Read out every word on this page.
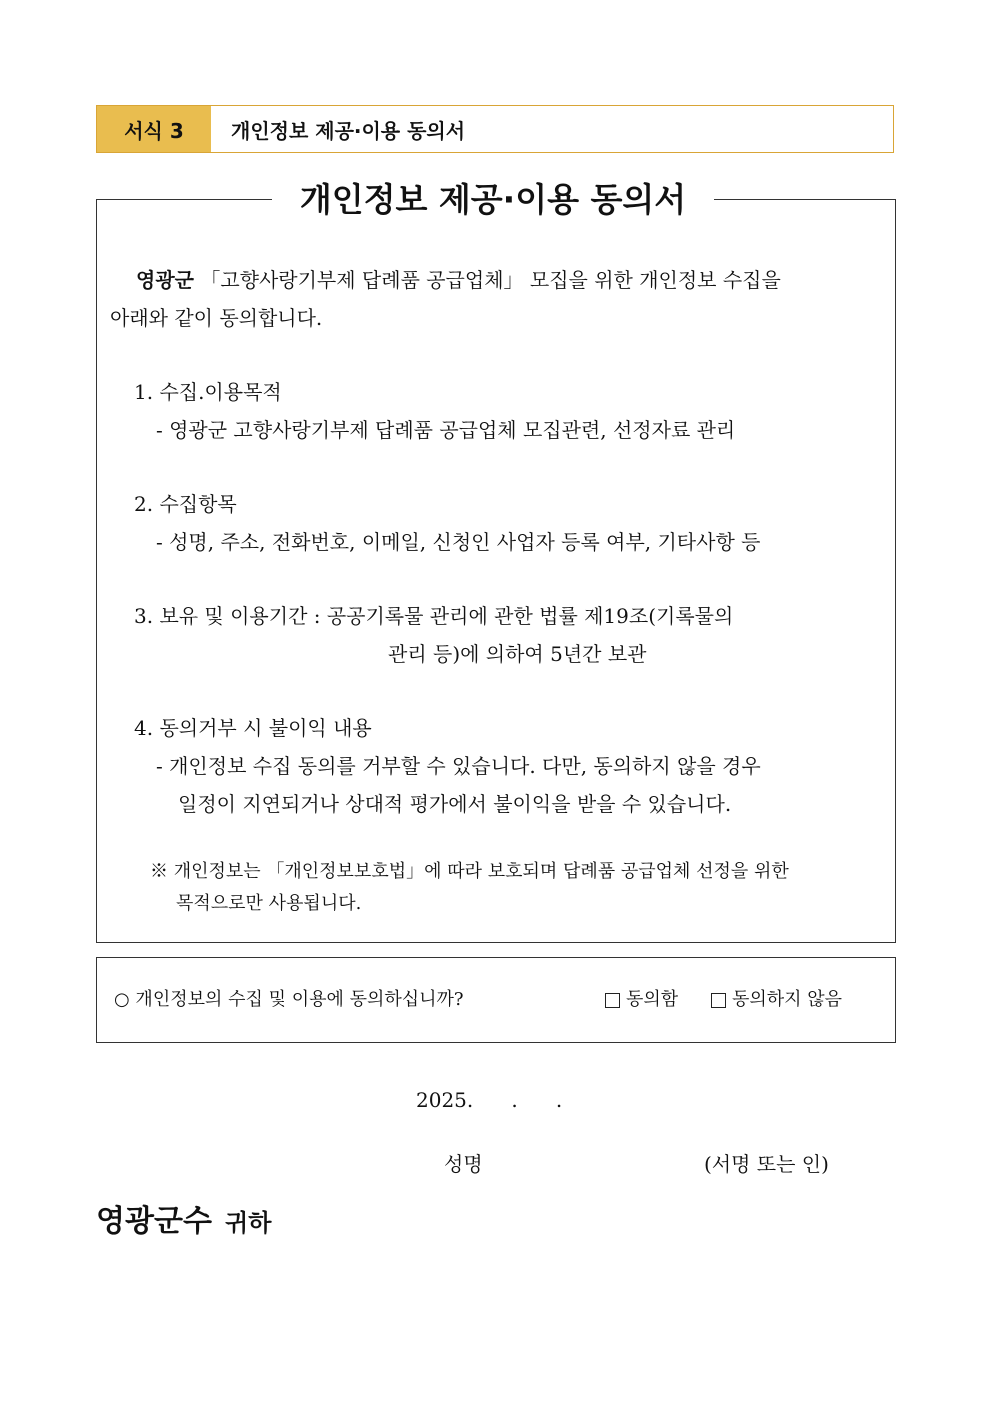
서식 3	개인정보 제공·이용 동의서
개인정보 제공·이용 동의서
영광군 「고향사랑기부제 답례품 공급업체」 모집을 위한 개인정보 수집을
아래와 같이 동의합니다.
1. 수집.이용목적
- 영광군 고향사랑기부제 답례품 공급업체 모집관련, 선정자료 관리
2. 수집항목
- 성명, 주소, 전화번호, 이메일, 신청인 사업자 등록 여부, 기타사항 등
3. 보유 및 이용기간 : 공공기록물 관리에 관한 법률 제19조(기록물의
관리 등)에 의하여 5년간 보관
4. 동의거부 시 불이익 내용
- 개인정보 수집 동의를 거부할 수 있습니다. 다만, 동의하지 않을 경우
일정이 지연되거나 상대적 평가에서 불이익을 받을 수 있습니다.
※ 개인정보는 「개인정보보호법」에 따라 보호되며 답례품 공급업체 선정을 위한
목적으로만 사용됩니다.
○ 개인정보의 수집 및 이용에 동의하십니까?	동의함	동의하지 않음
2025.      .      .
성명	(서명 또는 인)
영광군수 귀하
